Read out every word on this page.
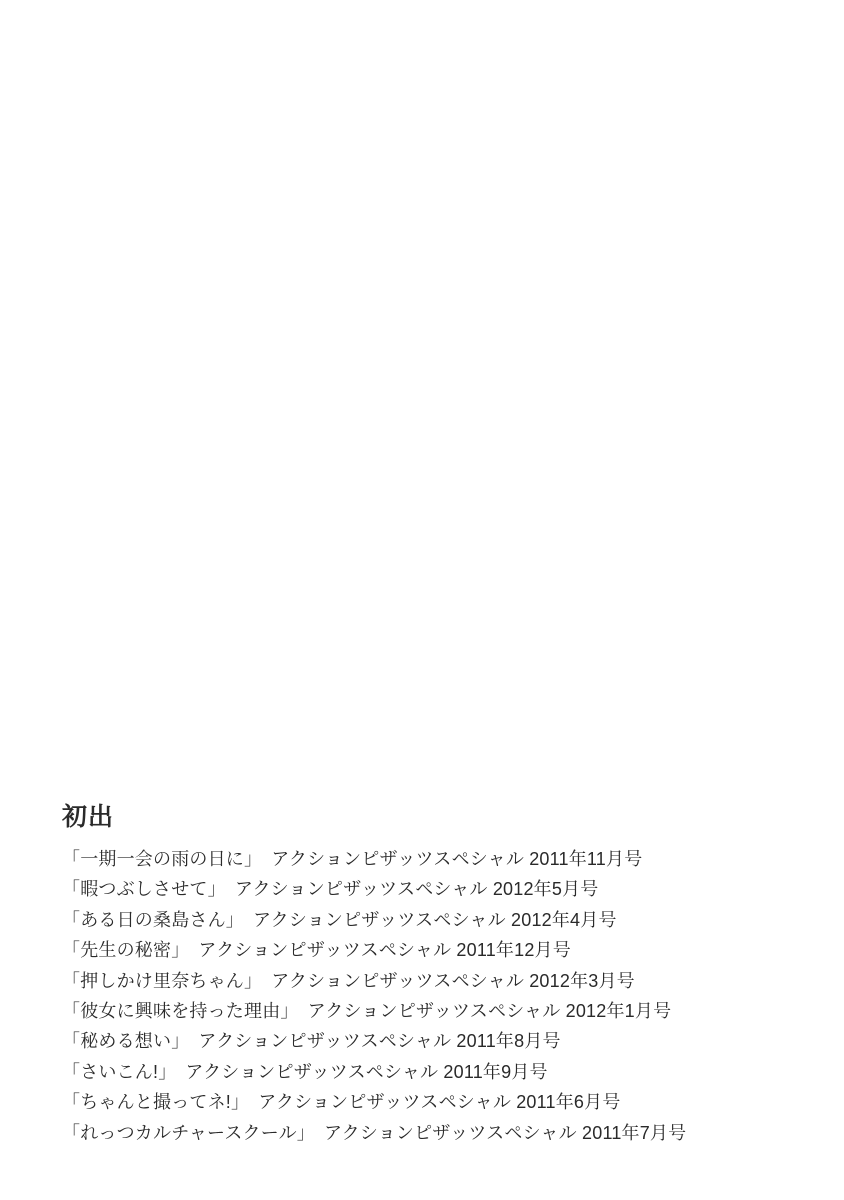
初出
「一期一会の雨の日に」 アクションピザッツスペシャル 2011年11月号
「暇つぶしさせて」 アクションピザッツスペシャル 2012年5月号
「ある日の桑島さん」 アクションピザッツスペシャル 2012年4月号
「先生の秘密」 アクションピザッツスペシャル 2011年12月号
「押しかけ里奈ちゃん」 アクションピザッツスペシャル 2012年3月号
「彼女に興味を持った理由」 アクションピザッツスペシャル 2012年1月号
「秘める想い」 アクションピザッツスペシャル 2011年8月号
「さいこん!」 アクションピザッツスペシャル 2011年9月号
「ちゃんと撮ってネ!」 アクションピザッツスペシャル 2011年6月号
「れっつカルチャースクール」 アクションピザッツスペシャル 2011年7月号
